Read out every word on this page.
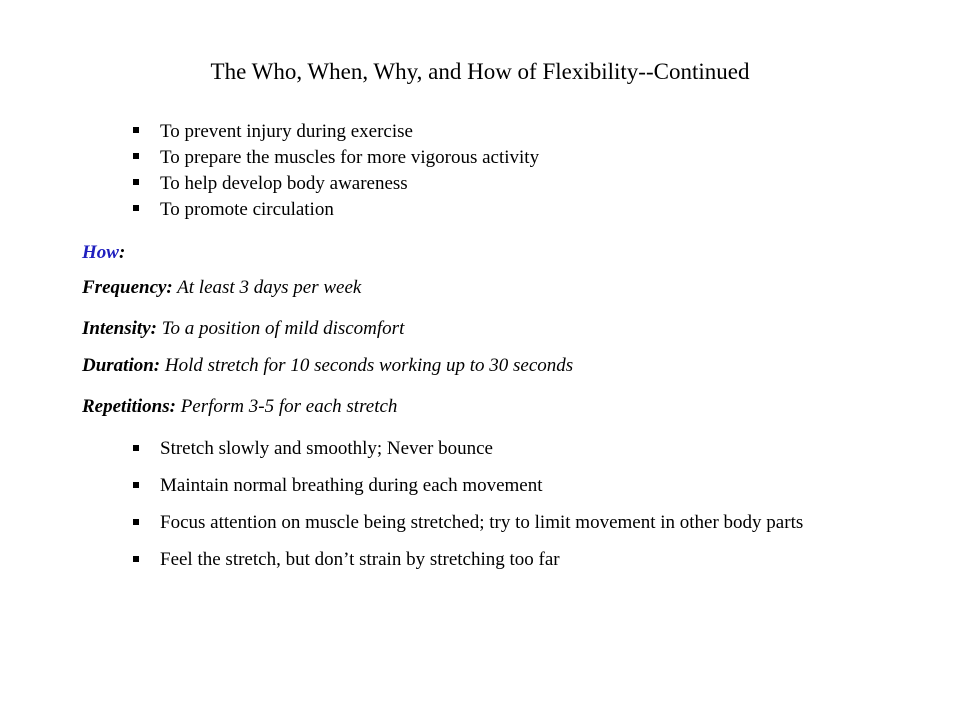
The Who, When, Why, and How of Flexibility--Continued
To prevent injury during exercise
To prepare the muscles for more vigorous activity
To help develop body awareness
To promote circulation
How:
Frequency: At least 3 days per week
Intensity: To a position of mild discomfort
Duration: Hold stretch for 10 seconds working up to 30 seconds
Repetitions: Perform 3-5 for each stretch
Stretch slowly and smoothly; Never bounce
Maintain normal breathing during each movement
Focus attention on muscle being stretched; try to limit movement in other body parts
Feel the stretch, but don’t strain by stretching too far
